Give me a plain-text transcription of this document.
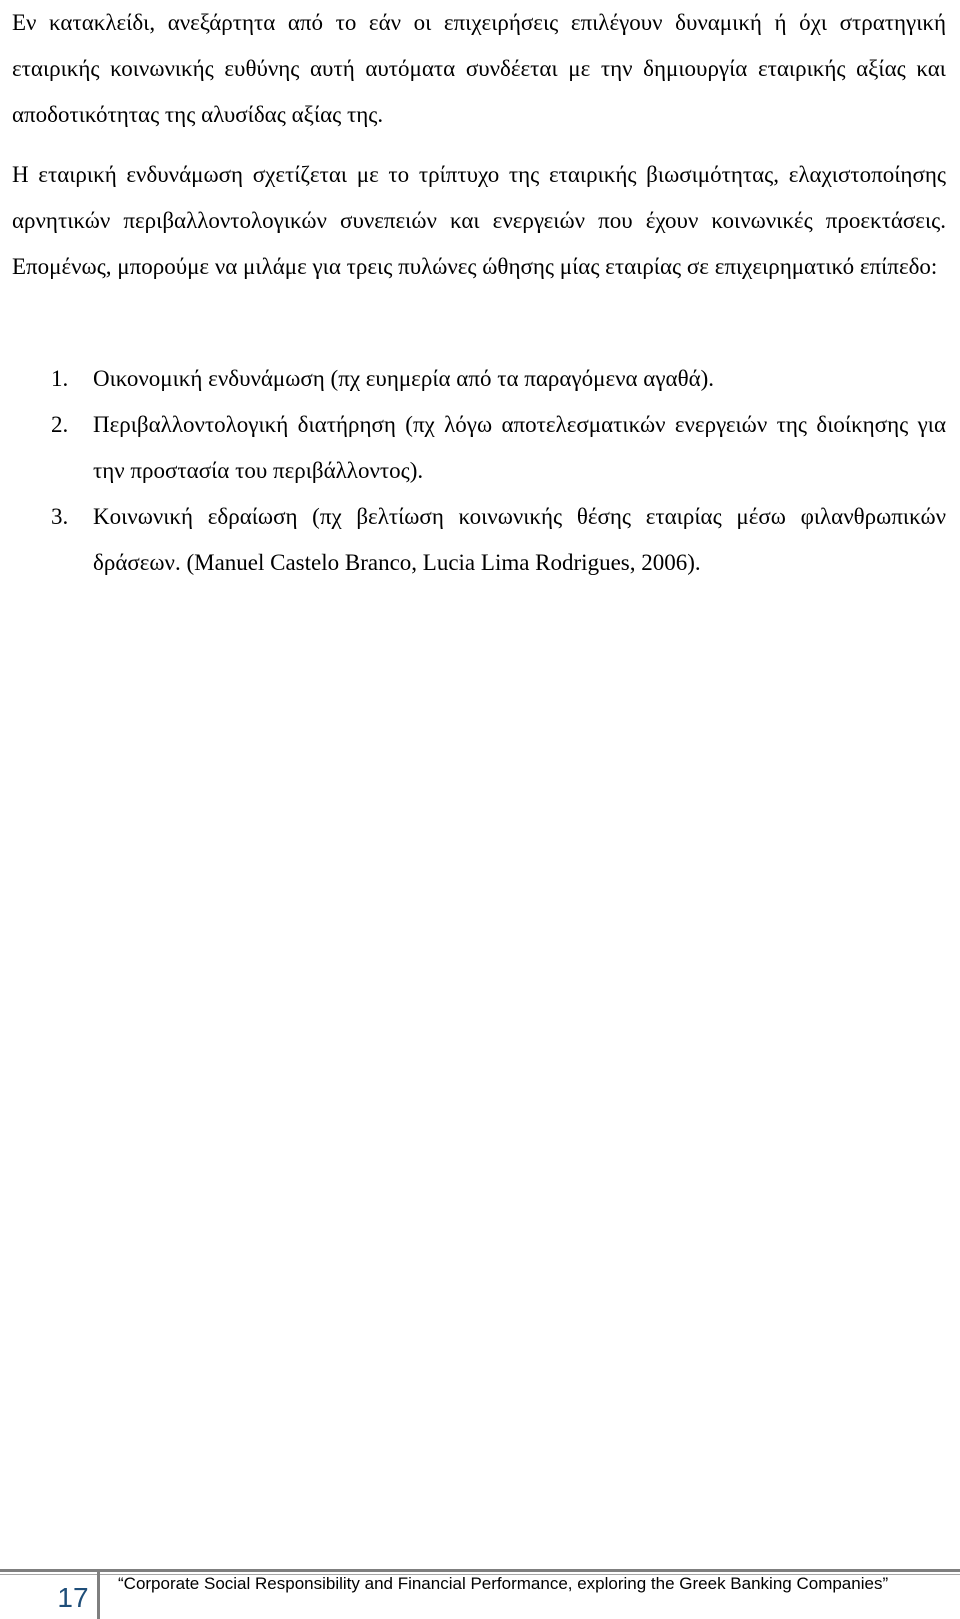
Εν κατακλείδι, ανεξάρτητα από το εάν οι επιχειρήσεις επιλέγουν δυναμική ή όχι στρατηγική εταιρικής κοινωνικής ευθύνης αυτή αυτόματα συνδέεται με την δημιουργία εταιρικής αξίας και αποδοτικότητας της αλυσίδας αξίας της.

Η εταιρική ενδυνάμωση σχετίζεται με το τρίπτυχο της εταιρικής βιωσιμότητας, ελαχιστοποίησης αρνητικών περιβαλλοντολογικών συνεπειών και ενεργειών που έχουν κοινωνικές προεκτάσεις. Επομένως, μπορούμε να μιλάμε για τρεις πυλώνες ώθησης μίας εταιρίας σε επιχειρηματικό επίπεδο:

1. Οικονομική ενδυνάμωση (πχ ευημερία από τα παραγόμενα αγαθά).
2. Περιβαλλοντολογική διατήρηση (πχ λόγω αποτελεσματικών ενεργειών της διοίκησης για την προστασία του περιβάλλοντος).
3. Κοινωνική εδραίωση (πχ βελτίωση κοινωνικής θέσης εταιρίας μέσω φιλανθρωπικών δράσεων. (Manuel Castelo Branco, Lucia Lima Rodrigues, 2006).
17	“Corporate Social Responsibility and Financial Performance, exploring the Greek Banking Companies”
